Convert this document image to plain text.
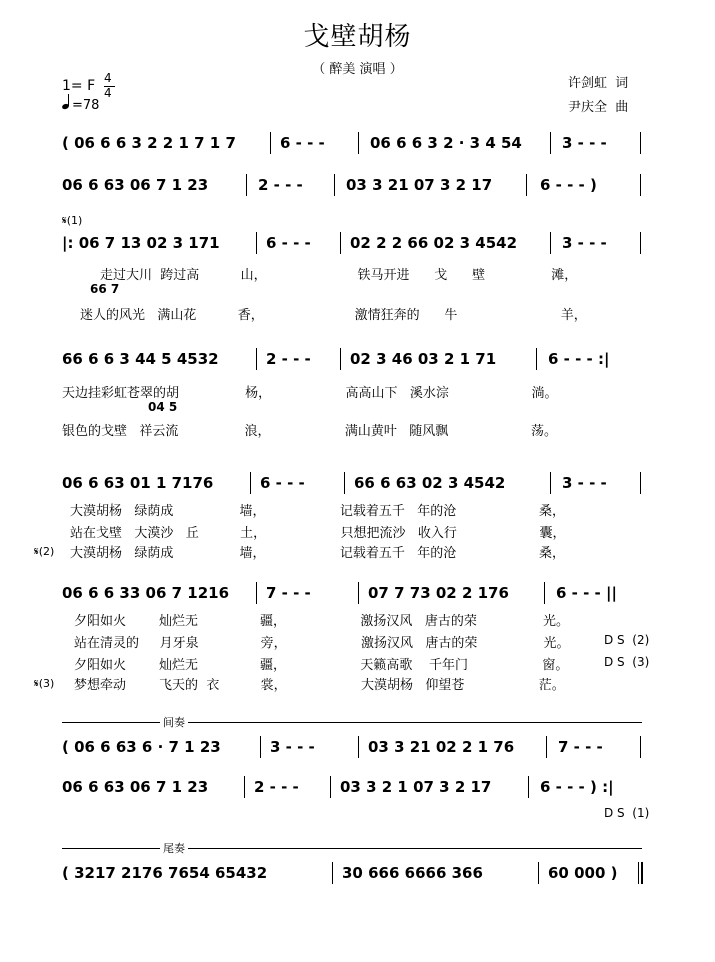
戈壁胡杨
（ 醉美 演唱 ）
许剑虹  词
尹庆全  曲
1= F 4
4
=78
( 06 6 6 3 2 2 1 7 1 7	6 - - -	06 6 6 3 2 · 3 4 54	3 - - -
06 6 63 06 7 1 23	2 - - -	03 3 21 07 3 2 17	6 - - - )
𝄋(1)
|: 06 7 13 02 3 171	6 - - -	02 2 2 66 02 3 4542	3 - - -
走过大川  跨过高          山，                      铁马开进      戈      壁                滩，
66 7
迷人的风光   满山花          香，                      激情狂奔的      牛                         羊，
66 6 6 3 44 5 4532	2 - - -	02 3 46 03 2 1 71	6 - - - :|
天边挂彩虹苍翠的胡                杨，                  高高山下   溪水淙                    淌。
04 5
银色的戈壁   祥云流                浪，                  满山黄叶   随风飘                    荡。
06 6 63 01 1 7176	6 - - -	66 6 63 02 3 4542	3 - - -
大漠胡杨   绿荫成                墙，                  记载着五千   年的沧                    桑，
站在戈壁   大漠沙   丘          土，                  只想把流沙   收入行                    囊，
𝄋(2) 大漠胡杨   绿荫成                墙，                  记载着五千   年的沧                    桑，
06 6 6 33 06 7 1216 7 - - -	07 7 73 02 2 176	6 - - - ||
夕阳如火        灿烂无               疆，                  激扬汉风   唐古的荣                光。
站在清灵的     月牙泉               旁，                  激扬汉风   唐古的荣                光。	D S  (2)
夕阳如火        灿烂无               疆，                  天籁高歌    千年门                  窗。	D S  (3)
𝄋(3) 梦想牵动        飞天的  衣          裳，                  大漠胡杨   仰望苍                  茫。
间奏
( 06 6 63 6 · 7 1 23	3 - - -	03 3 21 02 2 1 76	7 - - -
06 6 63 06 7 1 23	2 - - -	03 3 2 1 07 3 2 17	6 - - - ) :|
D S  (1)
尾奏
( 3217 2176 7654 65432	30 666 6666 366	60 000 )
